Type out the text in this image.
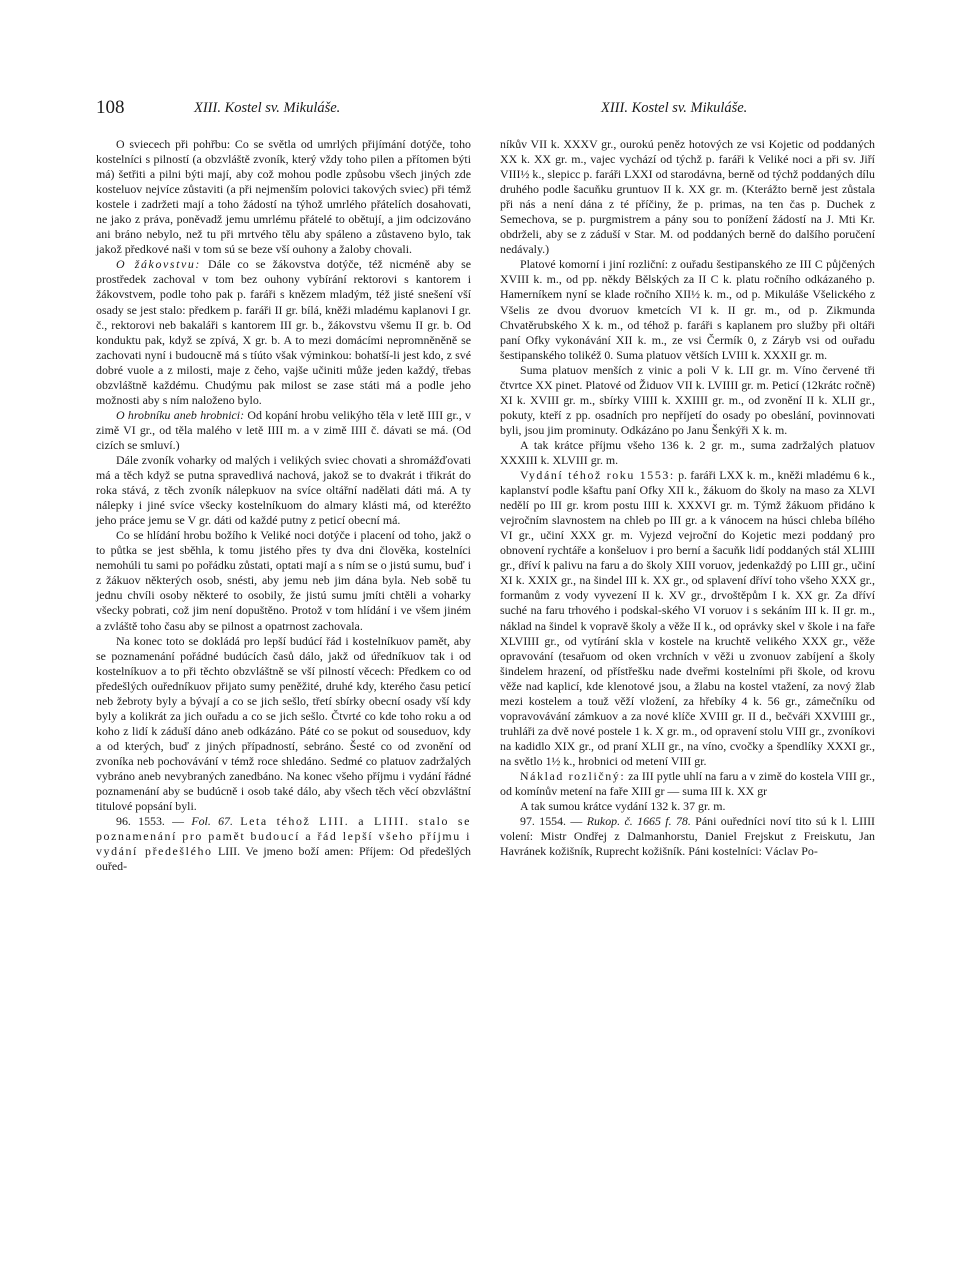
108	XIII. Kostel sv. Mikuláše.	XIII. Kostel sv. Mikuláše.

O sviecech při pohřbu: Co se světla od umrlých přijímání dotýče, toho kostelníci s pilností (a obzvláště zvoník, který vždy toho pilen a přítomen býti má) šetřiti a pilni býti mají, aby což mohou podle způsobu všech jiných zde kosteluov nejvíce zůstaviti (a při nejmenším polovici takových sviec) při témž kostele i zadržeti mají a toho žádostí na týhož umrlého přátelích dosahovati, ne jako z práva, poněvadž jemu umrlému přátelé to obětují, a jim odcizováno ani bráno nebylo, než tu při mrtvého tělu aby spáleno a zůstaveno bylo, tak jakož předkové naši v tom sú se beze vší ouhony a žaloby chovali.

O žákovstvu: Dále co se žákovstva dotýče, též nicméně aby se prostředek zachoval v tom bez ouhony vybírání rektorovi s kantorem i žákovstvem, podle toho pak p. faráři s knězem mladým, též jisté snešení vší osady se jest stalo: předkem p. faráři II gr. bílá, kněži mladému kaplanovi I gr. č., rektorovi neb bakaláři s kantorem III gr. b., žákovstvu všemu II gr. b. Od konduktu pak, když se zpívá, X gr. b. A to mezi domácími nepromněněně se zachovati nyní i budoucně má s tíúto však výminkou: bohatší-li jest kdo, z své dobré vuole a z milosti, maje z čeho, vajše učiniti může jeden každý, třebas obzvláštně každému. Chudýmu pak milost se zase státi má a podle jeho možnosti aby s ním naloženo bylo.

O hrobníku aneb hrobnici: Od kopání hrobu velikýho těla v letě IIII gr., v zimě VI gr., od těla malého v letě IIII m. a v zimě IIII č. dávati se má. (Od cizích se smluví.)

Dále zvoník voharky od malých i velikých sviec chovati a shromážďovati má a těch když se putna spravedlivá nachová, jakož se to dvakrát i třikrát do roka stává, z těch zvoník nálepkuov na svíce oltářní nadělati dáti má. A ty nálepky i jiné svíce všecky kostelníkuom do almary klásti má, od kteréžto jeho práce jemu se V gr. dáti od každé putny z peticí obecní má.

Co se hlídání hrobu božího k Veliké noci dotýče i placení od toho, jakž o to půtka se jest sběhla, k tomu jistého přes ty dva dni člověka, kostelníci nemohúli tu sami po pořádku zůstati, optati mají a s ním se o jistú sumu, buď i z žákuov některých osob, snésti, aby jemu neb jim dána byla. Neb sobě tu jednu chvíli osoby některé to osobily, že jistú sumu jmíti chtěli a voharky všecky pobrati, což jim není dopuštěno. Protož v tom hlídání i ve všem jiném a zvláště toho času aby se pilnost a opatrnost zachovala.

Na konec toto se dokládá pro lepší budúcí řád i kostelníkuov pamět, aby se poznamenání pořádné budúcích časů dálo, jakž od úředníkuov tak i od kostelníkuov a to při těchto obzvláštně se vší pilností věcech: Předkem co od předešlých ouředníkuov přijato sumy peněžité, druhé kdy, kterého času peticí neb žebroty byly a bývají a co se jich sešlo, třetí sbírky obecní osady vší kdy byly a kolikrát za jich ouřadu a co se jich sešlo. Čtvrté co kde toho roku a od koho z lidí k záduší dáno aneb odkázáno. Páté co se pokut od souseduov, kdy a od kterých, buď z jiných případností, sebráno. Šesté co od zvonění od zvoníka neb pochovávání v témž roce shledáno. Sedmé co platuov zadržalých vybráno aneb nevybraných zanedbáno. Na konec všeho příjmu i vydání řádné poznamenání aby se budúcně i osob také dálo, aby všech těch věcí obzvláštní titulové popsání byli.

96. 1553. — Fol. 67. Leta téhož LIII. a LIIII. stalo se poznamenání pro pamět budoucí a řád lepší všeho příjmu i vydání předešlého LIII. Ve jmeno boží amen: Příjem: Od předešlých ouřed-

níkův VII k. XXXV gr., ourokú peněz hotových ze vsi Kojetic od poddaných XX k. XX gr. m., vajec vychází od týchž p. faráři k Veliké noci a při sv. Jiří VIII½ k., slepicc p. faráři LXXI od starodávna, berně od týchž poddaných dílu druhého podle šacuňku gruntuov II k. XX gr. m. (Kterážto berně jest zůstala při nás a není dána z té příčiny, že p. primas, na ten čas p. Duchek z Semechova, se p. purgmistrem a pány sou to ponížení žádostí na J. Mti Kr. obdrželi, aby se z záduší v Star. M. od poddaných berně do dalšího poručení nedávaly.)

Platové komorní i jiní rozliční: z ouřadu šestipanského ze III C půjčených XVIII k. m., od pp. někdy Bělských za II C k. platu ročního odkázaného p. Hamerníkem nyní se klade ročního XII½ k. m., od p. Mikuláše Všelického z Všelis ze dvou dvoruov kmetcích VI k. II gr. m., od p. Zikmunda Chvatěrubského X k. m., od téhož p. faráři s kaplanem pro služby při oltáři paní Ofky vykonávání XII k. m., ze vsi Čermík 0, z Záryb vsi od ouřadu šestipanského tolikéž 0. Suma platuov větších LVIII k. XXXII gr. m.

Suma platuov menších z vinic a poli V k. LII gr. m. Víno červené tři čtvrtce XX pinet. Platové od Židuov VII k. LVIIII gr. m. Peticí (12krátc ročně) XI k. XVIII gr. m., sbírky VIIII k. XXIIII gr. m., od zvonění II k. XLII gr., pokuty, kteří z pp. osadních pro nepříjetí do osady po obeslání, povinnovati byli, jsou jim prominuty. Odkázáno po Janu Šenkýři X k. m.

A tak krátce příjmu všeho 136 k. 2 gr. m., suma zadržalých platuov XXXIII k. XLVIII gr. m.

Vydání téhož roku 1553: p. faráři LXX k. m., kněži mladému 6 k., kaplanství podle kšaftu paní Ofky XII k., žákuom do školy na maso za XLVI nedělí po III gr. krom postu IIII k. XXXVI gr. m. Týmž žákuom přidáno k vejročním slavnostem na chleb po III gr. a k vánocem na húsci chleba bílého VI gr., učiní XXX gr. m. Vyjezd vejroční do Kojetic mezi poddaný pro obnovení rychtáře a konšeluov i pro berní a šacuňk lidí poddaných stál XLIIII gr., dříví k palivu na faru a do školy XIII voruov, jedenkaždý po LIII gr., učiní XI k. XXIX gr., na šindel III k. XX gr., od splavení dříví toho všeho XXX gr., formanům z vody vyvezení II k. XV gr., drvoštěpům I k. XX gr. Za dříví suché na faru trhového i podskal-ského VI voruov i s sekáním III k. II gr. m., náklad na šindel k vopravě školy a věže II k., od oprávky skel v škole i na faře XLVIIII gr., od vytírání skla v kostele na kruchtě velikého XXX gr., věže opravování (tesařuom od oken vrchních v věži u zvonuov zabíjení a školy šindelem hrazení, od přístřešku nade dveřmi kostelními při škole, od krovu věže nad kaplicí, kde klenotové jsou, a žlabu na kostel vtažení, za nový žlab mezi kostelem a touž věží vložení, za hřebíky 4 k. 56 gr., zámečníku od vopravovávání zámkuov a za nové klíče XVIII gr. II d., bečváři XXVIIII gr., truhláři za dvě nové postele 1 k. X gr. m., od opravení stolu VIII gr., zvoníkovi na kadidlo XIX gr., od praní XLII gr., na víno, cvočky a špendlíky XXXI gr., na světlo 1½ k., hrobnici od metení VIII gr.

Náklad rozličný: za III pytle uhlí na faru a v zimě do kostela VIII gr., od komínův metení na faře XIII gr — suma III k. XX gr

A tak sumou krátce vydání 132 k. 37 gr. m.

97. 1554. — Rukop. č. 1665 f. 78. Páni ouředníci noví tito sú k l. LIIII volení: Mistr Ondřej z Dalmanhorstu, Daniel Frejskut z Freiskutu, Jan Havránek kožišník, Ruprecht kožišník. Páni kostelníci: Václav Po-
